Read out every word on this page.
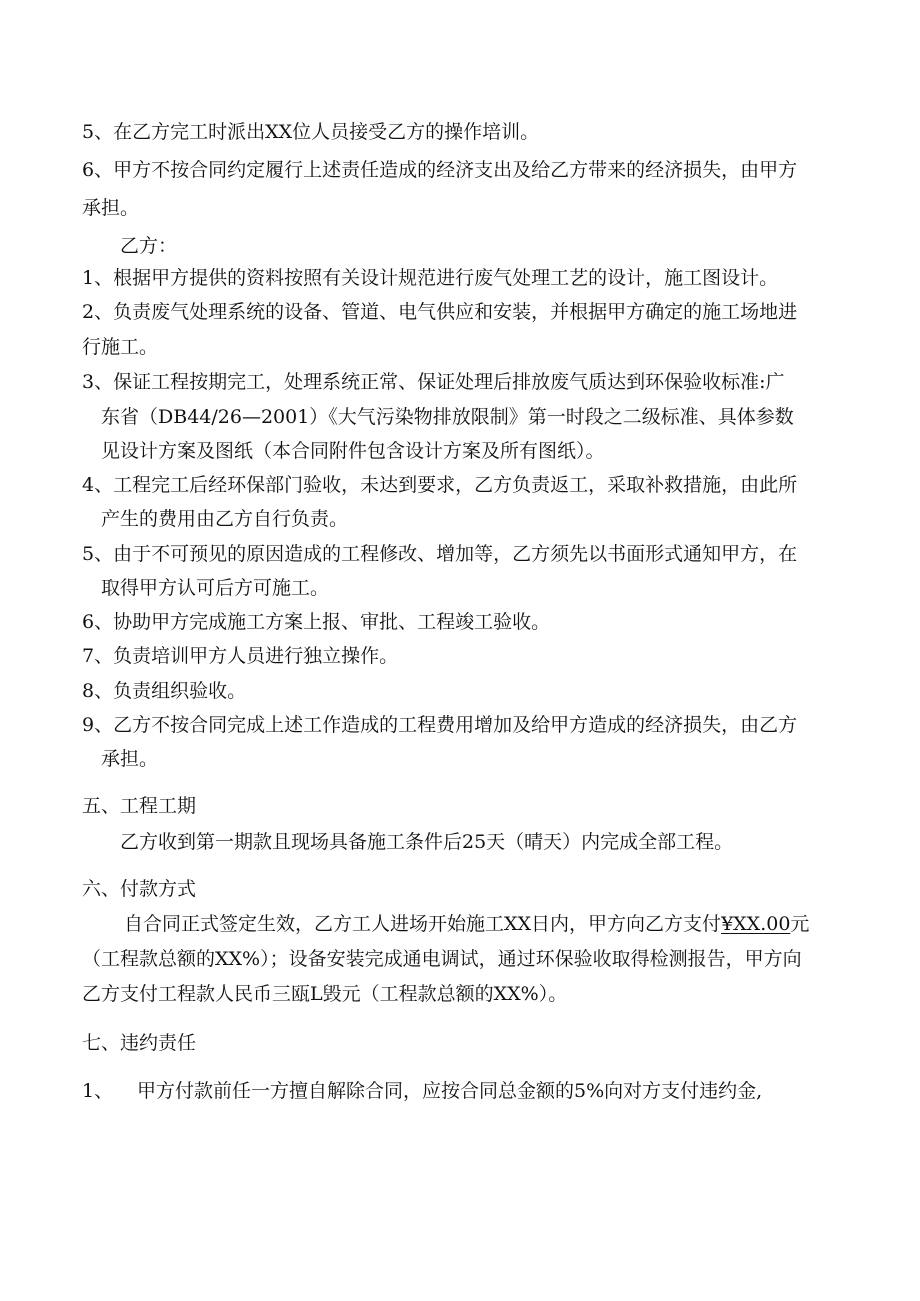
5、在乙方完工时派出XX位人员接受乙方的操作培训。
6、甲方不按合同约定履行上述责任造成的经济支出及给乙方带来的经济损失，由甲方
承担。
乙方：
1、根据甲方提供的资料按照有关设计规范进行废气处理工艺的设计，施工图设计。
2、负责废气处理系统的设备、管道、电气供应和安装，并根据甲方确定的施工场地进
行施工。
3、保证工程按期完工，处理系统正常、保证处理后排放废气质达到环保验收标准:广
东省（DB44/26—2001）《大气污染物排放限制》第一时段之二级标准、具体参数
见设计方案及图纸（本合同附件包含设计方案及所有图纸）。
4、工程完工后经环保部门验收，未达到要求，乙方负责返工，采取补救措施，由此所
产生的费用由乙方自行负责。
5、由于不可预见的原因造成的工程修改、增加等，乙方须先以书面形式通知甲方，在
取得甲方认可后方可施工。
6、协助甲方完成施工方案上报、审批、工程竣工验收。
7、负责培训甲方人员进行独立操作。
8、负责组织验收。
9、乙方不按合同完成上述工作造成的工程费用增加及给甲方造成的经济损失，由乙方
承担。
五、工程工期
乙方收到第一期款且现场具备施工条件后25天（晴天）内完成全部工程。
六、付款方式
自合同正式签定生效，乙方工人进场开始施工XX日内，甲方向乙方支付¥XX.00元
（工程款总额的XX%）；设备安装完成通电调试，通过环保验收取得检测报告，甲方向
乙方支付工程款人民币三瓯L毁元（工程款总额的XX%）。
七、违约责任
1、 甲方付款前任一方擅自解除合同，应按合同总金额的5%向对方支付违约金,
